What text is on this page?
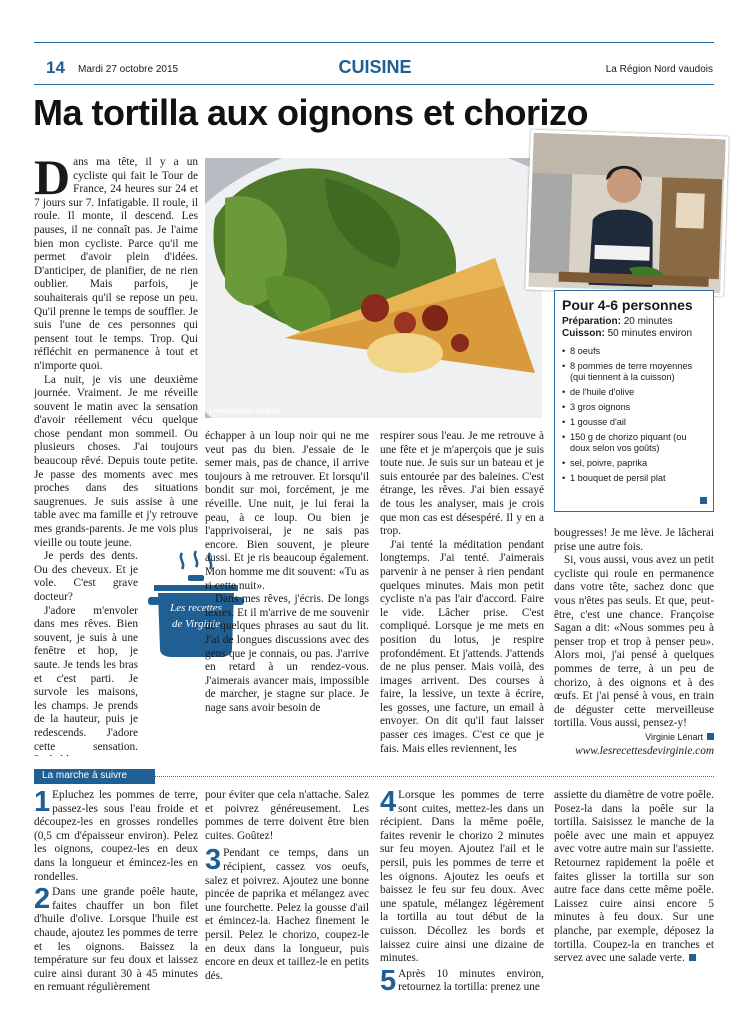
14 Mardi 27 octobre 2015	CUISINE	La Région Nord vaudois
Ma tortilla aux oignons et chorizo
Lénart/Nadine Jacquet
Pour 4-6 personnes
Préparation: 20 minutes
Cuisson: 50 minutes environ
• 8 oeufs
• 8 pommes de terre moyennes (qui tiennent à la cuisson)
• de l'huile d'olive
• 3 gros oignons
• 1 gousse d'ail
• 150 g de chorizo piquant (ou doux selon vos goûts)
• sel, poivre, paprika
• 1 bouquet de persil plat

Dans ma tête, il y a un cycliste qui fait le Tour de France, 24 heures sur 24 et 7 jours sur 7. Infatigable. Il roule, il roule. Il monte, il descend. Les pauses, il ne connaît pas. Je l'aime bien mon cycliste. Parce qu'il me permet d'avoir plein d'idées. D'anticiper, de planifier, de ne rien oublier. Mais parfois, je souhaiterais qu'il se repose un peu. Qu'il prenne le temps de souffler. Je suis l'une de ces personnes qui pensent tout le temps. Trop. Qui réfléchit en permanence à tout et n'importe quoi.

La nuit, je vis une deuxième journée. Vraiment. Je me réveille souvent le matin avec la sensation d'avoir réellement vécu quelque chose pendant mon sommeil. Ou plusieurs choses. J'ai toujours beaucoup rêvé. Depuis toute petite. Je passe des moments avec mes proches dans des situations saugrenues. Je suis assise à une table avec ma famille et j'y retrouve mes grands-parents. Je me vois plus vieille ou toute jeune.

Je perds des dents. Ou des cheveux. Et je vole. C'est grave docteur?

J'adore m'envoler dans mes rêves. Bien souvent, je suis à une fenêtre et hop, je saute. Je tends les bras et c'est parti. Je survole les maisons, les champs. Je prends de la hauteur, puis je redescends. J'adore cette sensation.

Les recettes
de Virginie

échapper à un loup noir qui ne me veut pas du bien. J'essaie de le semer mais, pas de chance, il arrive toujours à me retrouver. Et lorsqu'il bondit sur moi, forcément, je me réveille. Une nuit, je lui ferai la peau, à ce loup. Ou bien je l'apprivoiserai, je ne sais pas encore. Bien souvent, je pleure aussi. Et je ris beaucoup également. Mon homme me dit souvent: «Tu as ri cette nuit».

Dans mes rêves, j'écris. De longs textes. Et il m'arrive de me souvenir de quelques phrases au saut du lit. J'ai de longues discussions avec des gens que je connais, ou pas. J'arrive en retard à un rendez-vous. J'aimerais avancer mais, impossible de marcher, je stagne sur place. Je nage sans avoir besoin de

respirer sous l'eau. Je me retrouve à une fête et je m'aperçois que je suis toute nue. Je suis sur un bateau et je suis entourée par des baleines. C'est étrange, les rêves. J'ai bien essayé de tous les analyser, mais je crois que mon cas est désespéré. Il y en a trop.

J'ai tenté la méditation pendant longtemps. J'ai tenté. J'aimerais parvenir à ne penser à rien pendant quelques minutes. Mais mon petit cycliste n'a pas l'air d'accord. Faire le vide. Lâcher prise. C'est compliqué. Lorsque je me mets en position du lotus, je respire profondément. Et j'attends. J'attends de ne plus penser. Mais voilà, des images arrivent. Des courses à faire, la lessive, un texte à écrire, les gosses, une facture, un email à envoyer. On dit qu'il faut laisser passer ces images. C'est ce que je fais. Mais elles reviennent, les

bougresses! Je me lève. Je lâcherai prise une autre fois.

Si, vous aussi, vous avez un petit cycliste qui roule en permanence dans votre tête, sachez donc que vous n'êtes pas seuls. Et que, peut-être, c'est une chance. Françoise Sagan a dit: «Nous sommes peu à penser trop et trop à penser peu». Alors moi, j'ai pensé à quelques pommes de terre, à un peu de chorizo, à des oignons et à des œufs. Et j'ai pensé à vous, en train de déguster cette merveilleuse tortilla. Vous aussi, pensez-y!

Virginie Lénart
www.lesrecettesdevirginie.com
La marche à suivre

1 Epluchez les pommes de terre, passez-les sous l'eau froide et découpez-les en grosses rondelles (0,5 cm d'épaisseur environ). Pelez les oignons, coupez-les en deux dans la longueur et émincez-les en rondelles.

2 Dans une grande poêle haute, faites chauffer un bon filet d'huile d'olive. Lorsque l'huile est chaude, ajoutez les pommes de terre et les oignons. Baissez la température sur feu doux et laissez cuire ainsi durant 30 à 45 minutes en remuant régulièrement

pour éviter que cela n'attache. Salez et poivrez généreusement. Les pommes de terre doivent être bien cuites. Goûtez!

3 Pendant ce temps, dans un récipient, cassez vos oeufs, salez et poivrez. Ajoutez une bonne pincée de paprika et mélangez avec une fourchette. Pelez la gousse d'ail et émincez-la. Hachez finement le persil. Pelez le chorizo, coupez-le en deux dans la longueur, puis encore en deux et taillez-le en petits dés.

4 Lorsque les pommes de terre sont cuites, mettez-les dans un récipient. Dans la même poêle, faites revenir le chorizo 2 minutes sur feu moyen. Ajoutez l'ail et le persil, puis les pommes de terre et les oignons. Ajoutez les oeufs et baissez le feu sur feu doux. Avec une spatule, mélangez légèrement la tortilla au tout début de la cuisson. Décollez les bords et laissez cuire ainsi une dizaine de minutes.

5 Après 10 minutes environ, retournez la tortilla: prenez une

assiette du diamètre de votre poêle. Posez-la dans la poêle sur la tortilla. Saisissez le manche de la poêle avec une main et appuyez avec votre autre main sur l'assiette. Retournez rapidement la poêle et faites glisser la tortilla sur son autre face dans cette même poêle. Laissez cuire ainsi encore 5 minutes à feu doux. Sur une planche, par exemple, déposez la tortilla. Coupez-la en tranches et servez avec une salade verte.
